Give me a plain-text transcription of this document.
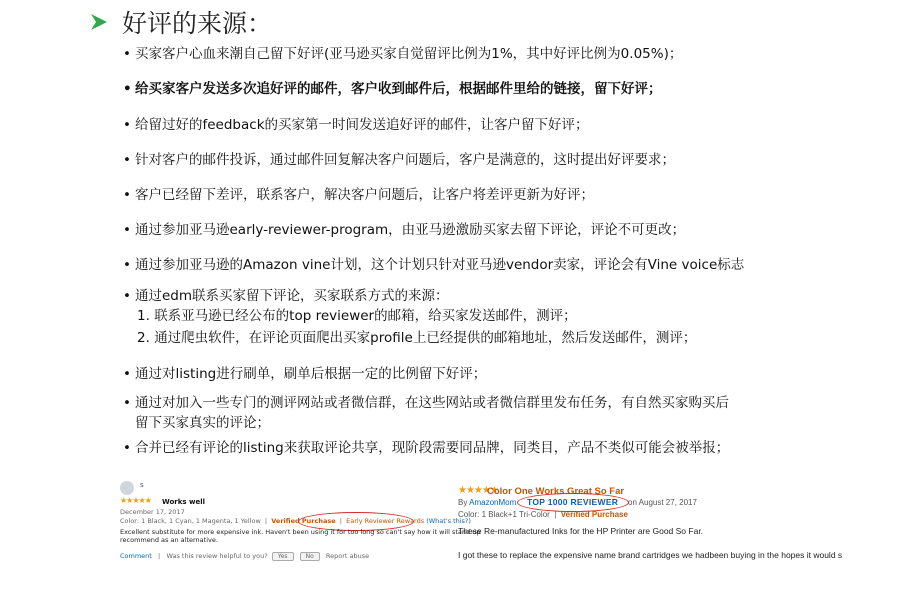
好评的来源：
• 买家客户心血来潮自己留下好评(亚马逊买家自觉留评比例为1%，其中好评比例为0.05%)；
• 给买家客户发送多次追好评的邮件，客户收到邮件后，根据邮件里给的链接，留下好评；
• 给留过好的feedback的买家第一时间发送追好评的邮件，让客户留下好评；
• 针对客户的邮件投诉，通过邮件回复解决客户问题后，客户是满意的，这时提出好评要求；
• 客户已经留下差评，联系客户，解决客户问题后，让客户将差评更新为好评；
• 通过参加亚马逊early-reviewer-program，由亚马逊激励买家去留下评论，评论不可更改；
• 通过参加亚马逊的Amazon vine计划，这个计划只针对亚马逊vendor卖家，评论会有Vine voice标志
• 通过edm联系买家留下评论，买家联系方式的来源：
1. 联系亚马逊已经公布的top reviewer的邮箱，给买家发送邮件，测评；
2. 通过爬虫软件，在评论页面爬出买家profile上已经提供的邮箱地址，然后发送邮件，测评；
• 通过对listing进行刷单，刷单后根据一定的比例留下好评；
• 通过对加入一些专门的测评网站或者微信群，在这些网站或者微信群里发布任务，有自然买家购买后
留下买家真实的评论；
• 合并已经有评论的listing来获取评论共享，现阶段需要同品牌，同类目，产品不类似可能会被举报；
s
★★★★★ Works well
December 17, 2017
Color: 1 Black, 1 Cyan, 1 Magenta, 1 Yellow  |  Verified Purchase  |  Early Reviewer Rewards (What's this?)
Excellent substitute for more expensive ink. Haven't been using it for too long so can't say how it will stand up
recommend as an alternative.
Comment   |   Was this review helpful to you? Yes	No Report abuse
★★★★★
Color One Works Great So Far
By AmazonMom TOP 1000 REVIEWER on August 27, 2017
Color: 1 Black+1 Tri-Color  |  Verified Purchase
These Re-manufactured Inks for the HP Printer are Good So Far.
I got these to replace the expensive name brand cartridges we hadbeen buying in the hopes it would s
